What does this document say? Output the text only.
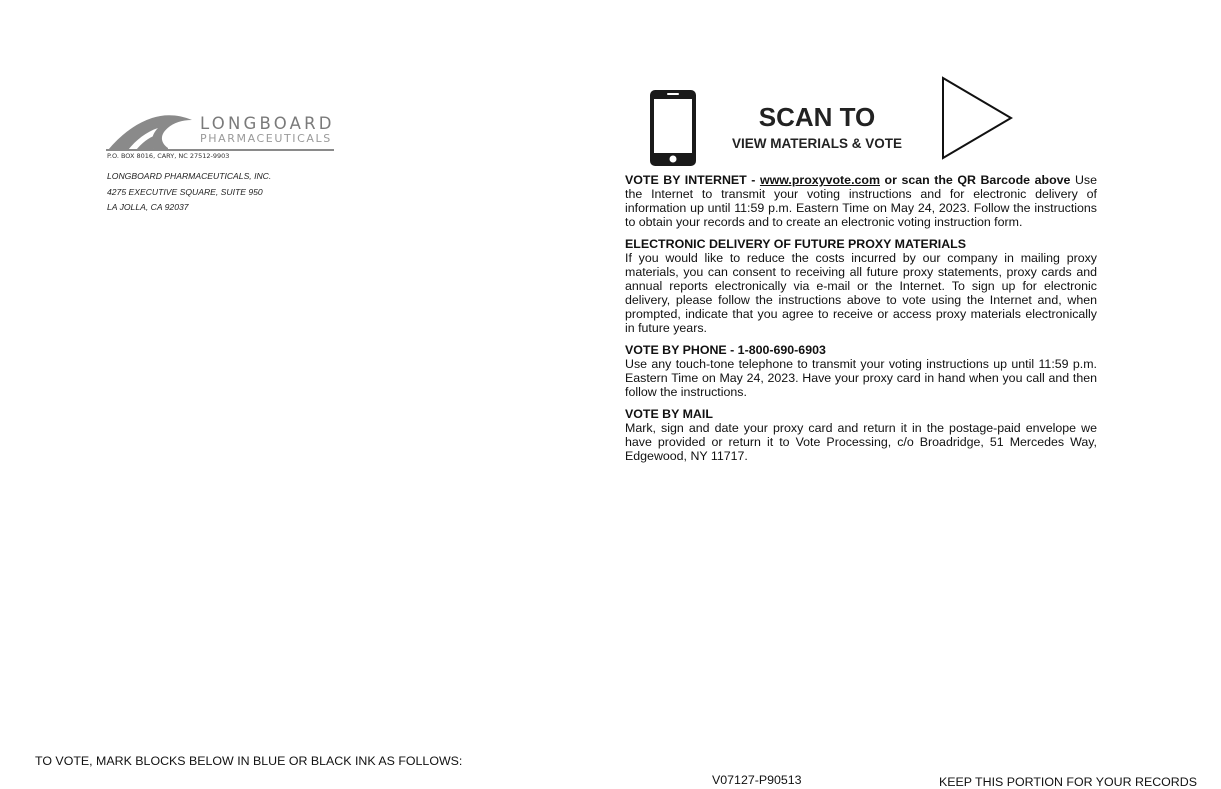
LONGBOARD
PHARMACEUTICALS
P.O. BOX 8016, CARY, NC 27512-9903
LONGBOARD PHARMACEUTICALS, INC.
4275 EXECUTIVE SQUARE, SUITE 950
LA JOLLA, CA 92037
SCAN TO
VIEW MATERIALS & VOTE

VOTE BY INTERNET - www.proxyvote.com or scan the QR Barcode above Use the Internet to transmit your voting instructions and for electronic delivery of information up until 11:59 p.m. Eastern Time on May 24, 2023. Follow the instructions to obtain your records and to create an electronic voting instruction form.

ELECTRONIC DELIVERY OF FUTURE PROXY MATERIALS
If you would like to reduce the costs incurred by our company in mailing proxy materials, you can consent to receiving all future proxy statements, proxy cards and annual reports electronically via e-mail or the Internet. To sign up for electronic delivery, please follow the instructions above to vote using the Internet and, when prompted, indicate that you agree to receive or access proxy materials electronically in future years.

VOTE BY PHONE - 1-800-690-6903
Use any touch-tone telephone to transmit your voting instructions up until 11:59 p.m. Eastern Time on May 24, 2023. Have your proxy card in hand when you call and then follow the instructions.

VOTE BY MAIL
Mark, sign and date your proxy card and return it in the postage-paid envelope we have provided or return it to Vote Processing, c/o Broadridge, 51 Mercedes Way, Edgewood, NY 11717.

TO VOTE, MARK BLOCKS BELOW IN BLUE OR BLACK INK AS FOLLOWS:
V07127-P90513	KEEP THIS PORTION FOR YOUR RECORDS
